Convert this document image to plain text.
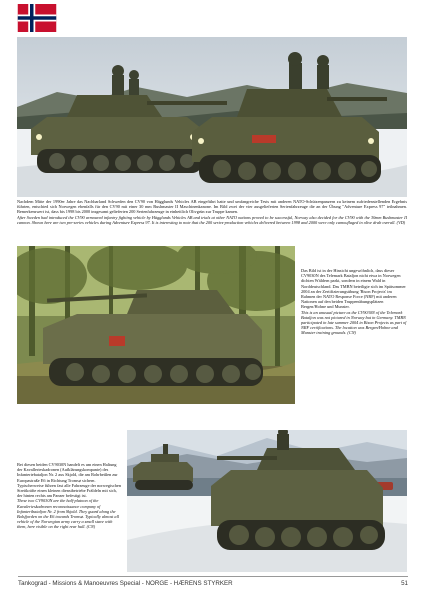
Nachdem Mitte der 1990er Jahre das Nachbarland Schweden den CV90 von Hägglunds Vehicles AB eingeführt hatte und umfangreiche Tests mit anderen NATO-Schützenpanzern zu keinem zufriedenstellenden Ergebnis führten, entschied sich Norwegen ebenfalls für den CV90 mit einer 30 mm Bushmaster II Maschinenkanone. Im Bild zwei der vier ausgelieferten Serienfahrzeuge die an der Übung "Adventure Express 97" teilnahmen. Bemerkenswert ist, dass bis 1998 bis 2000 insgesamt gelieferten 200 Serienfahrzeuge in einheitlich Olivgrün zur Truppe kamen.

After Sweden had introduced the CV90 armoured infantry fighting vehicle by Hägglunds Vehicles AB and trials at other NATO nations proved to be successful, Norway also decided for the CV90 with the 30mm Bushmaster II cannon. Shown here are two pre-series vehicles during Adventure Express 97. It is interesting to note that the 200 series-production vehicles delivered between 1998 and 2000 were only camouflaged in olive drab overall. (VD)

Das Bild ist in der Hinsicht ungewöhnlich, dass dieser CV9030N des Telemark Bataljon nicht etwa in Norwegen dichten Wäldern parkt, sondern in einem Wald in Norddeutschland. Das TMBN beteiligte sich im Spätsommer 2004 an der Zertifizierungsübung 'Bison Projects' im Rahmen der NATO Response Force (NRF) mit anderen Nationen auf den beiden Truppenübungsplätzen Bergen/Hohne und Munster.

This is an unusual picture as the CV9030N of the Telemark Bataljon was not pictured in Norway but in Germany. TMBN participated in late summer 2004 in Bison Projects as part of NRF certifications. The location was Bergen/Hohne and Munster training grounds. (CN)

Bei diesen beiden CV9030N handelt es um einen Haltung der Kavallerieskadronen (Aufklärungskompanie) des Infanteriebataljon Nr. 2 aus Skjold, die am Rohrbeißen zur Europastraße E6 in Richtung Tromsø sichern. Typischerweise führen fast alle Fahrzeuge der norwegischen Streitkräfte einen kleinen dienstbetriebe Fräldeln mit sich, der hinten rechts am Panzer befestigt ist.

These two CV9030N are the half-platoon of the Kavalerieskadronen reconnaissance company of Infanteribataljon Nr. 2 from Skjold. They guard along the Balsfjorden on the E6 towards Tromsø. Typically almost all vehicle of the Norwegian army carry a small stave with them, here visible on the right rear hull. (CN)

Tankograd - Missions & Manoeuvres Special - NORGE - HÆRENS STYRKER	51
